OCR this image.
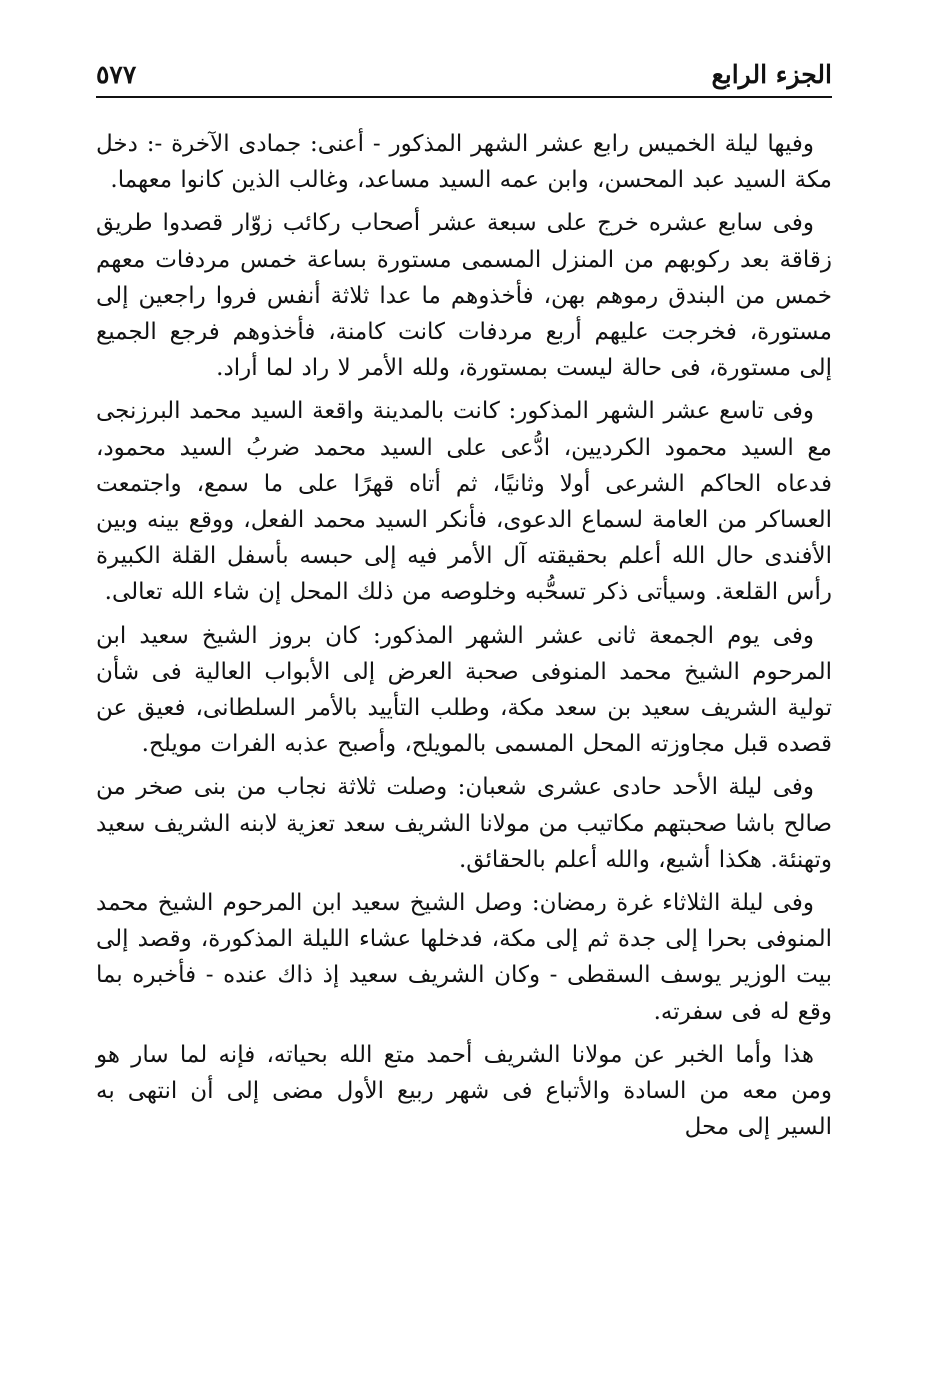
الجزء الرابع
٥٧٧

وفيها ليلة الخميس رابع عشر الشهر المذكور - أعنى: جمادى الآخرة -: دخل مكة السيد عبد المحسن، وابن عمه السيد مساعد، وغالب الذين كانوا معهما.

وفى سابع عشره خرج على سبعة عشر أصحاب ركائب زوّار قصدوا طريق زقاقة بعد ركوبهم من المنزل المسمى مستورة بساعة خمس مردفات معهم خمس من البندق رموهم بهن، فأخذوهم ما عدا ثلاثة أنفس فروا راجعين إلى مستورة، فخرجت عليهم أربع مردفات كانت كامنة، فأخذوهم فرجع الجميع إلى مستورة، فى حالة ليست بمستورة، ولله الأمر لا راد لما أراد.

وفى تاسع عشر الشهر المذكور: كانت بالمدينة واقعة السيد محمد البرزنجى مع السيد محمود الكرديين، ادُّعى على السيد محمد ضربُ السيد محمود، فدعاه الحاكم الشرعى أولا وثانيًا، ثم أتاه قهرًا على ما سمع، واجتمعت العساكر من العامة لسماع الدعوى، فأنكر السيد محمد الفعل، ووقع بينه وبين الأفندى حال الله أعلم بحقيقته آل الأمر فيه إلى حبسه بأسفل القلة الكبيرة رأس القلعة. وسيأتى ذكر تسحُّبه وخلوصه من ذلك المحل إن شاء الله تعالى.

وفى يوم الجمعة ثانى عشر الشهر المذكور: كان بروز الشيخ سعيد ابن المرحوم الشيخ محمد المنوفى صحبة العرض إلى الأبواب العالية فى شأن تولية الشريف سعيد بن سعد مكة، وطلب التأييد بالأمر السلطانى، فعيق عن قصده قبل مجاوزته المحل المسمى بالمويلح، وأصبح عذبه الفرات مويلح.

وفى ليلة الأحد حادى عشرى شعبان: وصلت ثلاثة نجاب من بنى صخر من صالح باشا صحبتهم مكاتيب من مولانا الشريف سعد تعزية لابنه الشريف سعيد وتهنئة. هكذا أشيع، والله أعلم بالحقائق.

وفى ليلة الثلاثاء غرة رمضان: وصل الشيخ سعيد ابن المرحوم الشيخ محمد المنوفى بحرا إلى جدة ثم إلى مكة، فدخلها عشاء الليلة المذكورة، وقصد إلى بيت الوزير يوسف السقطى - وكان الشريف سعيد إذ ذاك عنده - فأخبره بما وقع له فى سفرته.

هذا وأما الخبر عن مولانا الشريف أحمد متع الله بحياته، فإنه لما سار هو ومن معه من السادة والأتباع فى شهر ربيع الأول مضى إلى أن انتهى به السير إلى محل
